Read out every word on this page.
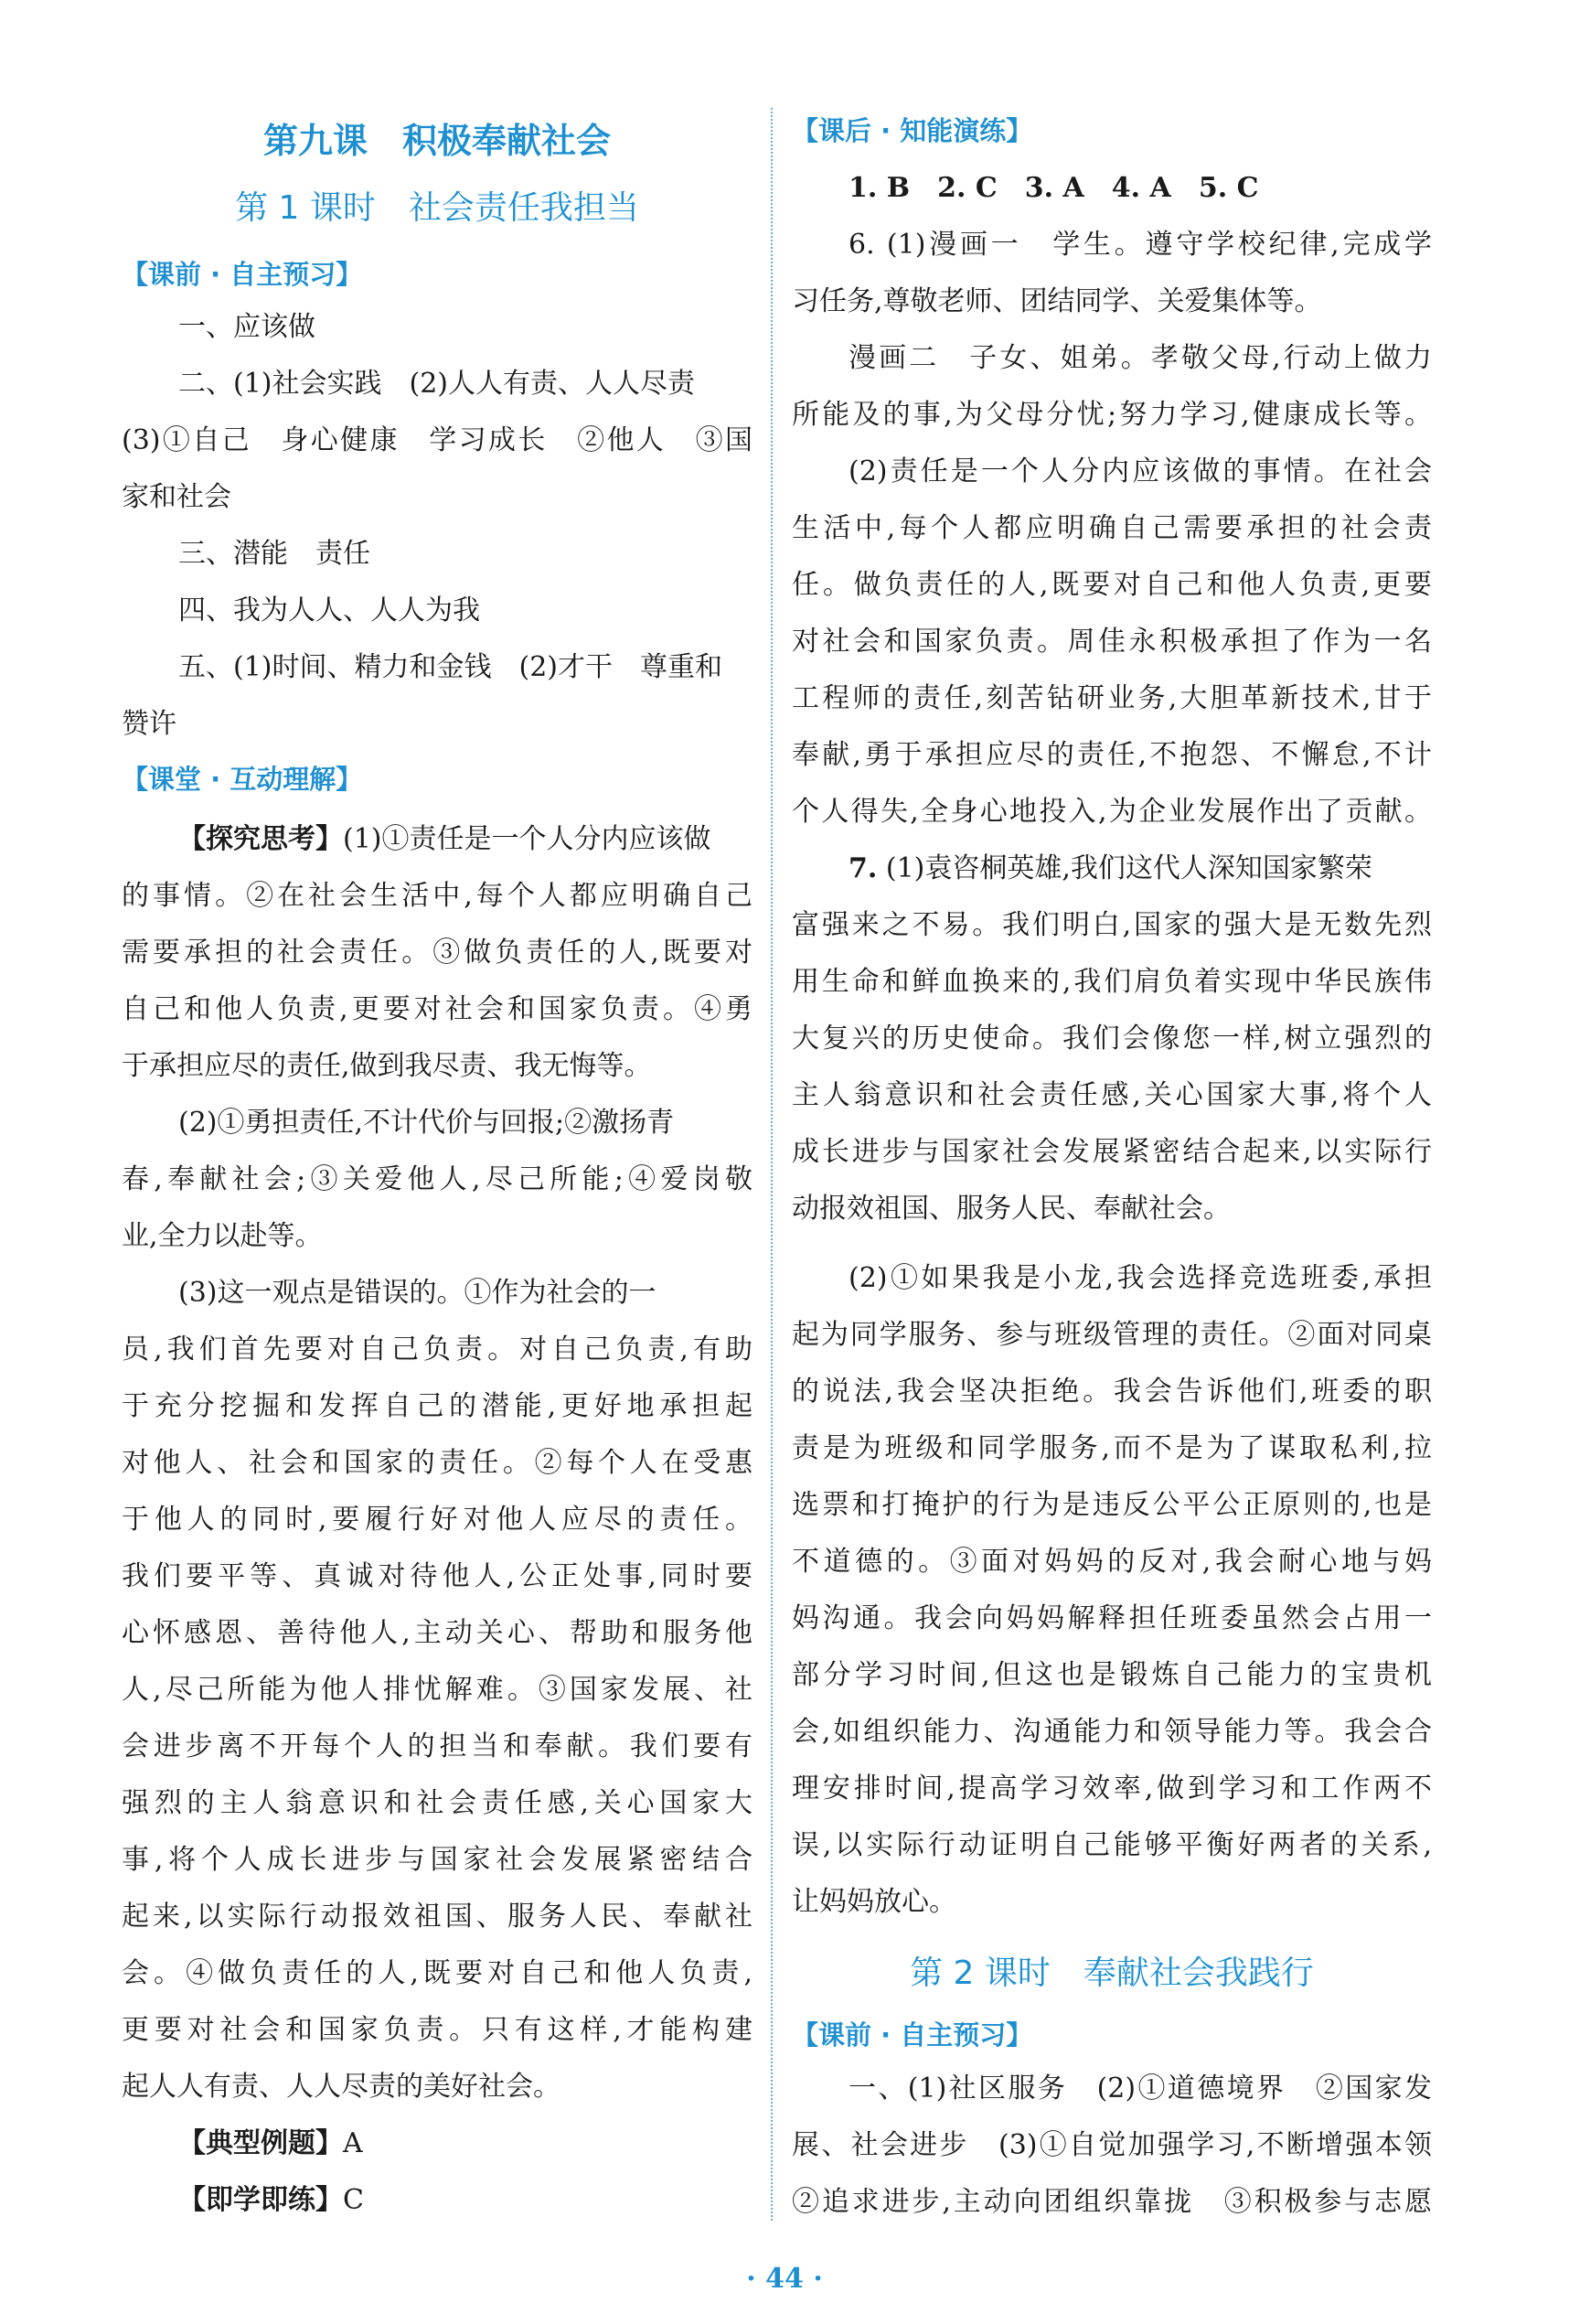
第九课　积极奉献社会
第 1 课时　社会责任我担当
【课前 · 自主预习】
一、应该做
二、(1)社会实践　(2)人人有责、人人尽责
(3)①自己　身心健康　学习成长　②他人　③国
家和社会
三、潜能　责任
四、我为人人、人人为我
五、(1)时间、精力和金钱　(2)才干　尊重和
赞许
【课堂 · 互动理解】
【探究思考】(1)①责任是一个人分内应该做
的事情。②在社会生活中,每个人都应明确自己
需要承担的社会责任。③做负责任的人,既要对
自己和他人负责,更要对社会和国家负责。④勇
于承担应尽的责任,做到我尽责、我无悔等。
(2)①勇担责任,不计代价与回报;②激扬青
春,奉献社会;③关爱他人,尽己所能;④爱岗敬
业,全力以赴等。
(3)这一观点是错误的。①作为社会的一
员,我们首先要对自己负责。对自己负责,有助
于充分挖掘和发挥自己的潜能,更好地承担起
对他人、社会和国家的责任。②每个人在受惠
于他人的同时,要履行好对他人应尽的责任。
我们要平等、真诚对待他人,公正处事,同时要
心怀感恩、善待他人,主动关心、帮助和服务他
人,尽己所能为他人排忧解难。③国家发展、社
会进步离不开每个人的担当和奉献。我们要有
强烈的主人翁意识和社会责任感,关心国家大
事,将个人成长进步与国家社会发展紧密结合
起来,以实际行动报效祖国、服务人民、奉献社
会。④做负责任的人,既要对自己和他人负责,
更要对社会和国家负责。只有这样,才能构建
起人人有责、人人尽责的美好社会。
【典型例题】A
【即学即练】C
【课后 · 知能演练】
1. B　2. C　3. A　4. A　5. C
6. (1)漫画一　学生。遵守学校纪律,完成学
习任务,尊敬老师、团结同学、关爱集体等。
漫画二　子女、姐弟。孝敬父母,行动上做力
所能及的事,为父母分忧;努力学习,健康成长等。
(2)责任是一个人分内应该做的事情。在社会
生活中,每个人都应明确自己需要承担的社会责
任。做负责任的人,既要对自己和他人负责,更要
对社会和国家负责。周佳永积极承担了作为一名
工程师的责任,刻苦钻研业务,大胆革新技术,甘于
奉献,勇于承担应尽的责任,不抱怨、不懈怠,不计
个人得失,全身心地投入,为企业发展作出了贡献。
7. (1)袁咨桐英雄,我们这代人深知国家繁荣
富强来之不易。我们明白,国家的强大是无数先烈
用生命和鲜血换来的,我们肩负着实现中华民族伟
大复兴的历史使命。我们会像您一样,树立强烈的
主人翁意识和社会责任感,关心国家大事,将个人
成长进步与国家社会发展紧密结合起来,以实际行
动报效祖国、服务人民、奉献社会。
(2)①如果我是小龙,我会选择竞选班委,承担
起为同学服务、参与班级管理的责任。②面对同桌
的说法,我会坚决拒绝。我会告诉他们,班委的职
责是为班级和同学服务,而不是为了谋取私利,拉
选票和打掩护的行为是违反公平公正原则的,也是
不道德的。③面对妈妈的反对,我会耐心地与妈
妈沟通。我会向妈妈解释担任班委虽然会占用一
部分学习时间,但这也是锻炼自己能力的宝贵机
会,如组织能力、沟通能力和领导能力等。我会合
理安排时间,提高学习效率,做到学习和工作两不
误,以实际行动证明自己能够平衡好两者的关系,
让妈妈放心。
第 2 课时　奉献社会我践行
【课前 · 自主预习】
一、(1)社区服务　(2)①道德境界　②国家发
展、社会进步　(3)①自觉加强学习,不断增强本领
②追求进步,主动向团组织靠拢　③积极参与志愿
· 44 ·
